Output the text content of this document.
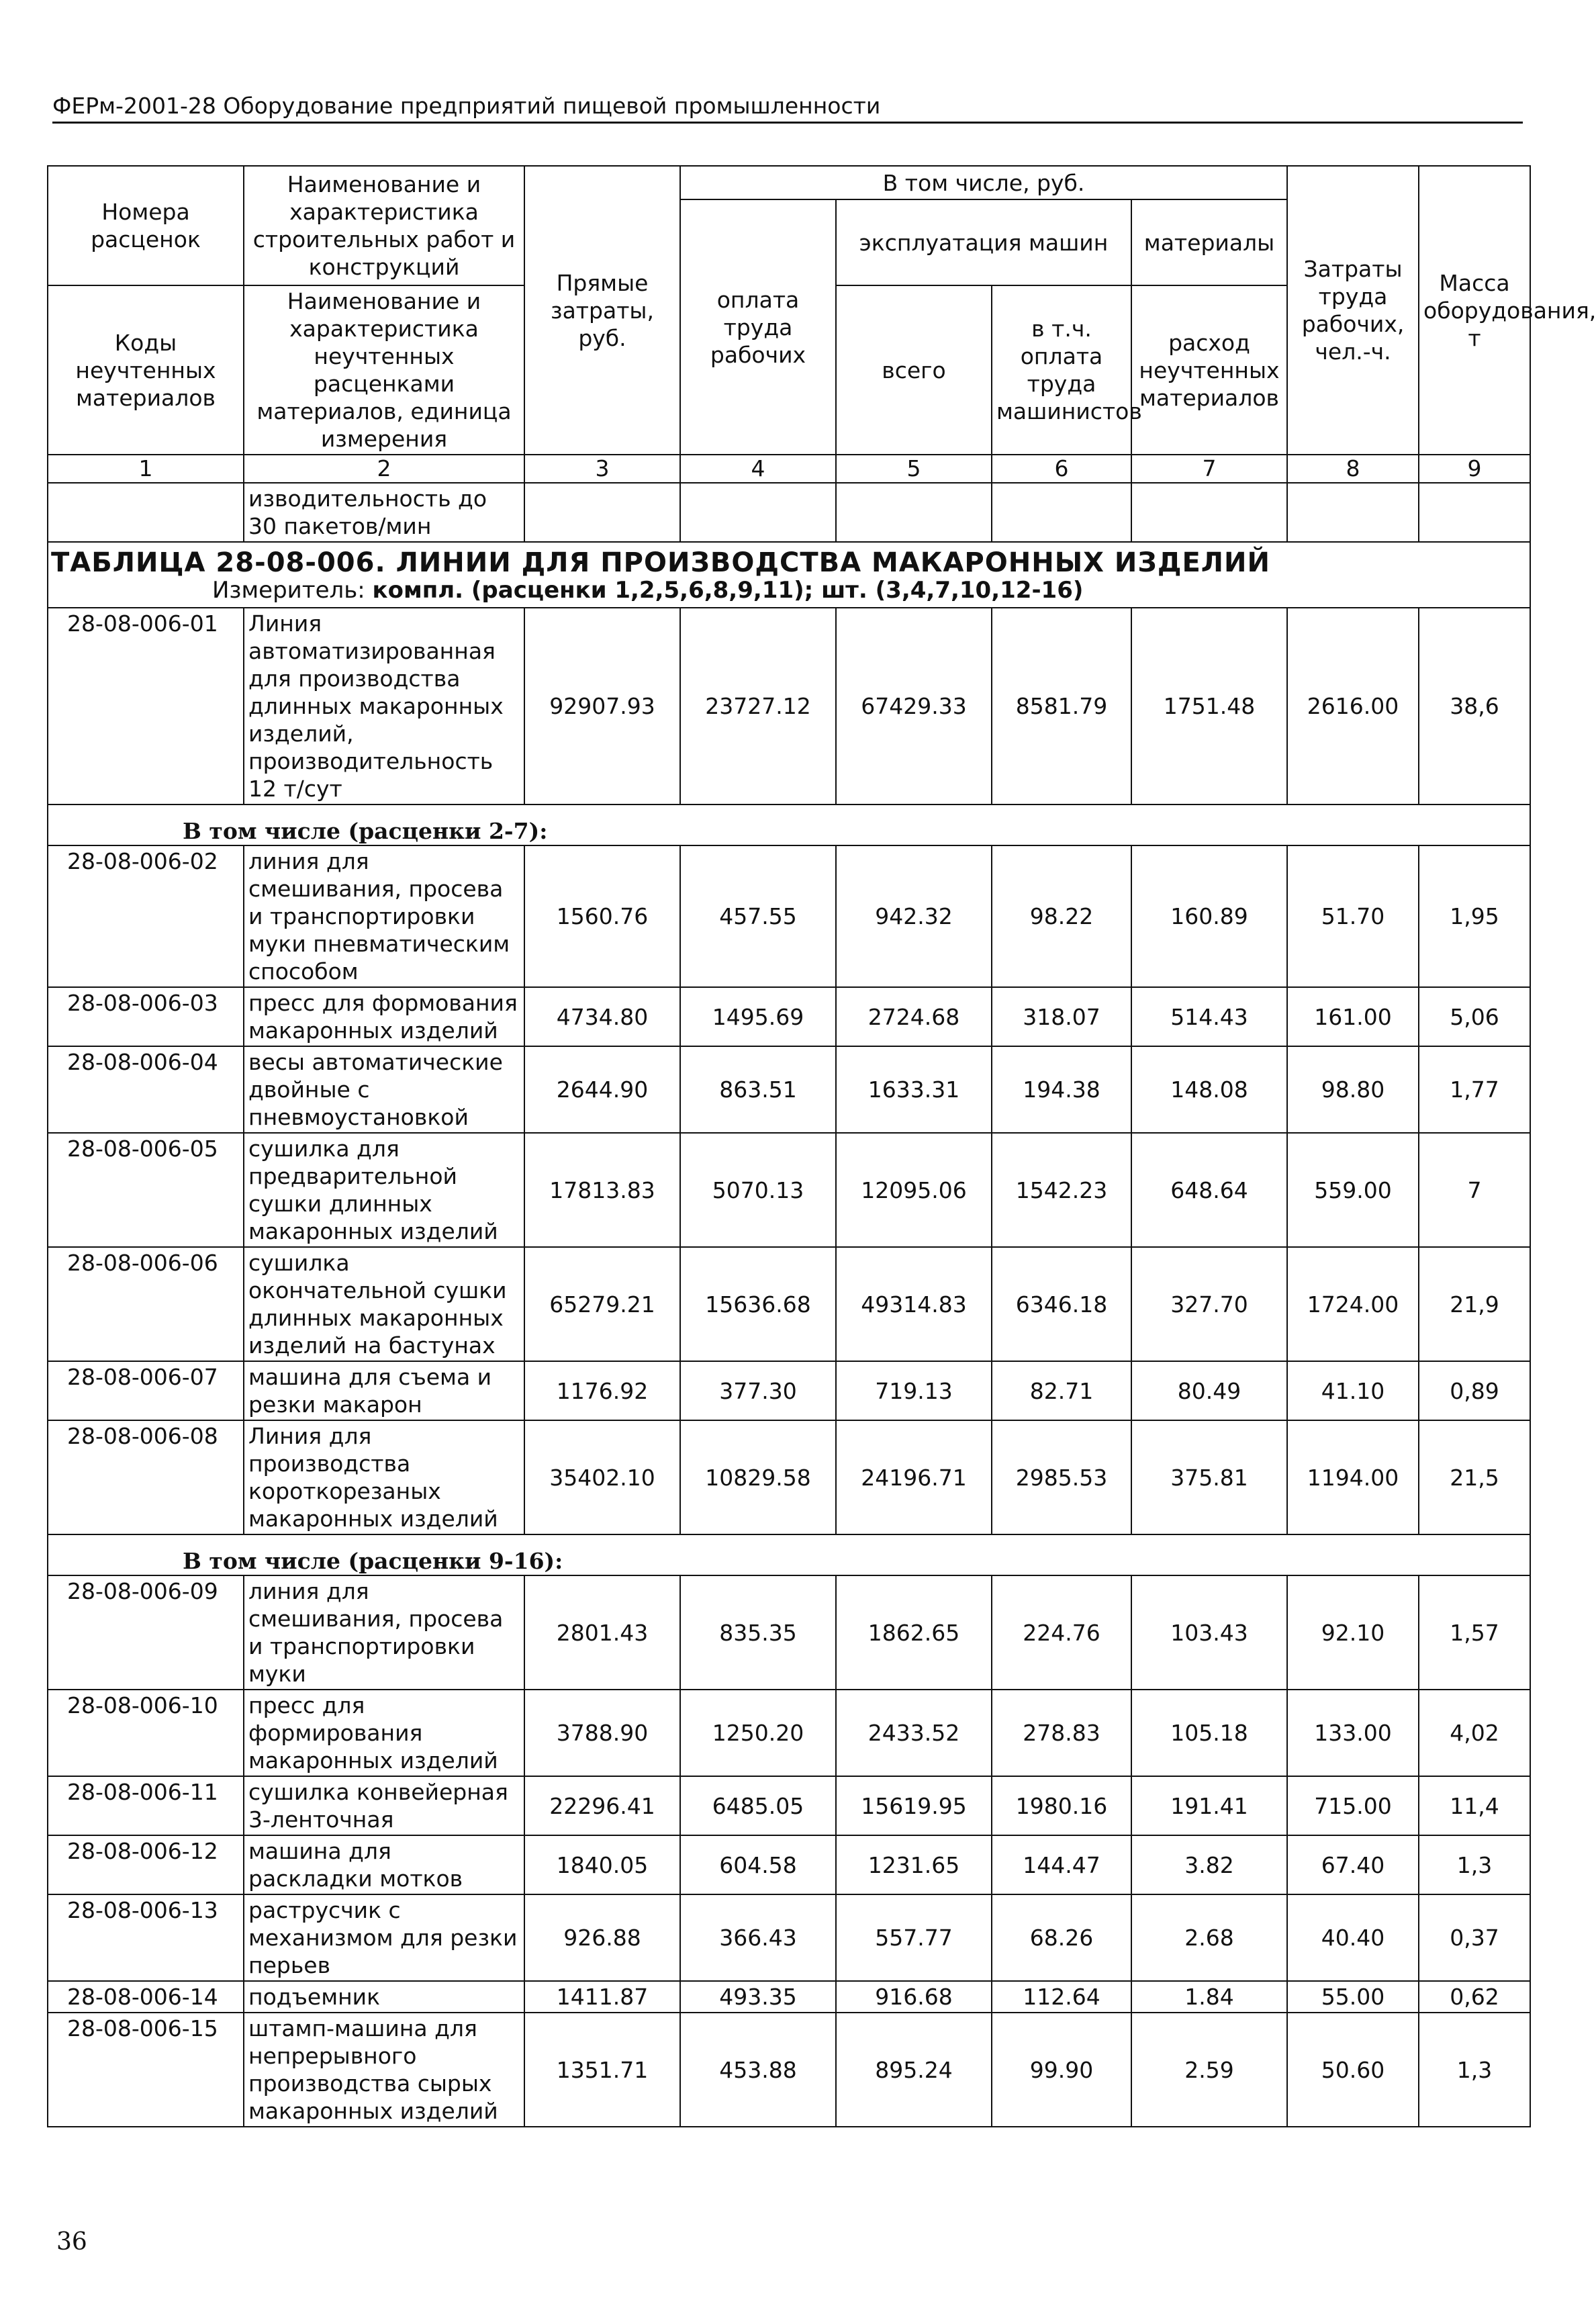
ФЕРм-2001-28 Оборудование предприятий пищевой промышленности
Номера расценок	Наименование и характеристика строительных работ и конструкций	Прямые затраты, руб.	В том числе, руб.				Затраты труда рабочих, чел.-ч.	Масса оборудования, т
			оплата труда рабочих	эксплуатация машин		материалы		
Коды неучтенных материалов	Наименование и характеристика неучтенных расценками материалов, единица измерения			всего	в т.ч. оплата труда машинистов	расход неучтенных материалов		

1	2	3	4	5	6	7	8	9
	изводительность до 30 пакетов/мин							

ТАБЛИЦА 28-08-006. ЛИНИИ ДЛЯ ПРОИЗВОДСТВА МАКАРОННЫХ ИЗДЕЛИЙ
Измеритель: компл. (расценки 1,2,5,6,8,9,11); шт. (3,4,7,10,12-16)								

28-08-006-01	Линия автоматизированная для производства длинных макаронных изделий, производительность 12 т/сут	92907.93	23727.12	67429.33	8581.79	1751.48	2616.00	38,6
В том числе (расценки 2-7):								
28-08-006-02	линия для смешивания, просева и транспортировки муки пневматическим способом	1560.76	457.55	942.32	98.22	160.89	51.70	1,95
28-08-006-03	пресс для формования макаронных изделий	4734.80	1495.69	2724.68	318.07	514.43	161.00	5,06
28-08-006-04	весы автоматические двойные с пневмоустановкой	2644.90	863.51	1633.31	194.38	148.08	98.80	1,77
28-08-006-05	сушилка для предварительной сушки длинных макаронных изделий	17813.83	5070.13	12095.06	1542.23	648.64	559.00	7
28-08-006-06	сушилка окончательной сушки длинных макаронных изделий на бастунах	65279.21	15636.68	49314.83	6346.18	327.70	1724.00	21,9
28-08-006-07	машина для съема и резки макарон	1176.92	377.30	719.13	82.71	80.49	41.10	0,89
28-08-006-08	Линия для производства короткорезаных макаронных изделий	35402.10	10829.58	24196.71	2985.53	375.81	1194.00	21,5
В том числе (расценки 9-16):								
28-08-006-09	линия для смешивания, просева и транспортировки муки	2801.43	835.35	1862.65	224.76	103.43	92.10	1,57
28-08-006-10	пресс для формирования макаронных изделий	3788.90	1250.20	2433.52	278.83	105.18	133.00	4,02
28-08-006-11	сушилка конвейерная 3-ленточная	22296.41	6485.05	15619.95	1980.16	191.41	715.00	11,4
28-08-006-12	машина для раскладки мотков	1840.05	604.58	1231.65	144.47	3.82	67.40	1,3
28-08-006-13	раструсчик с механизмом для резки перьев	926.88	366.43	557.77	68.26	2.68	40.40	0,37
28-08-006-14	подъемник	1411.87	493.35	916.68	112.64	1.84	55.00	0,62
28-08-006-15	штамп-машина для непрерывного производства сырых макаронных изделий	1351.71	453.88	895.24	99.90	2.59	50.60	1,3
36
